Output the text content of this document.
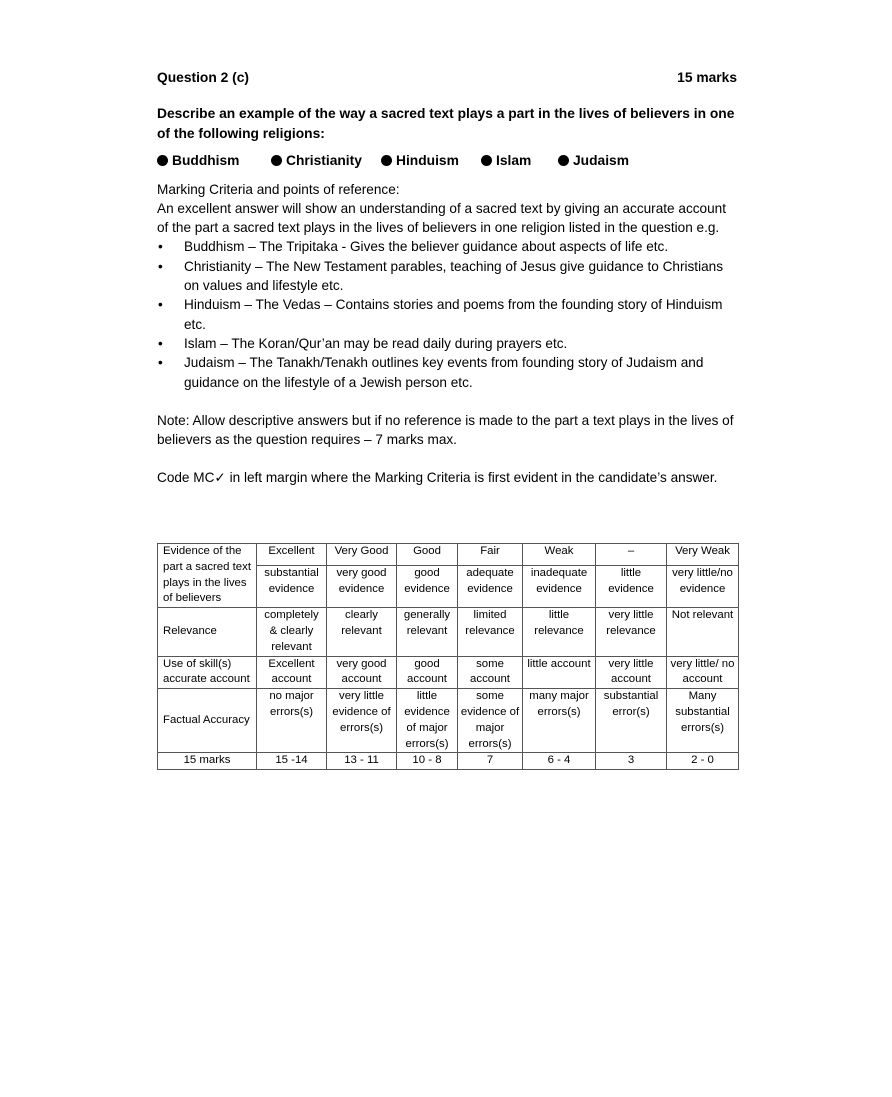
Question 2 (c)	15 marks
Describe an example of the way a sacred text plays a part in the lives of believers in one of the following religions:
Buddhism	Christianity Hinduism	Islam	Judaism
Marking Criteria and points of reference:
An excellent answer will show an understanding of a sacred text by giving an accurate account of the part a sacred text plays in the lives of believers in one religion listed in the question e.g.
• Buddhism – The Tripitaka - Gives the believer guidance about aspects of life etc.
• Christianity – The New Testament parables, teaching of Jesus give guidance to Christians on values and lifestyle etc.
• Hinduism – The Vedas – Contains stories and poems from the founding story of Hinduism etc.
• Islam – The Koran/Qur’an may be read daily during prayers etc.
• Judaism – The Tanakh/Tenakh outlines key events from founding story of Judaism and guidance on the lifestyle of a Jewish person etc.
Note: Allow descriptive answers but if no reference is made to the part a text plays in the lives of believers as the question requires – 7 marks max.
Code MC✓ in left margin where the Marking Criteria is first evident in the candidate’s answer.
Evidence of the part a sacred text plays in the lives of believers	Excellent	Very Good	Good	Fair	Weak	–	Very Weak
	substantial evidence	very good evidence	good evidence	adequate evidence	inadequate evidence	little evidence	very little/no evidence
Relevance	completely & clearly relevant	clearly relevant	generally relevant	limited relevance	little relevance	very little relevance	Not relevant
Use of skill(s) accurate account	Excellent account	very good account	good account	some account	little account	very little account	very little/ no account
Factual Accuracy	no major errors(s)	very little evidence of errors(s)	little evidence of major errors(s)	some evidence of major errors(s)	many major errors(s)	substantial error(s)	Many substantial errors(s)
15 marks	15 -14	13 - 11	10 - 8	7	6 - 4	3	2 - 0
